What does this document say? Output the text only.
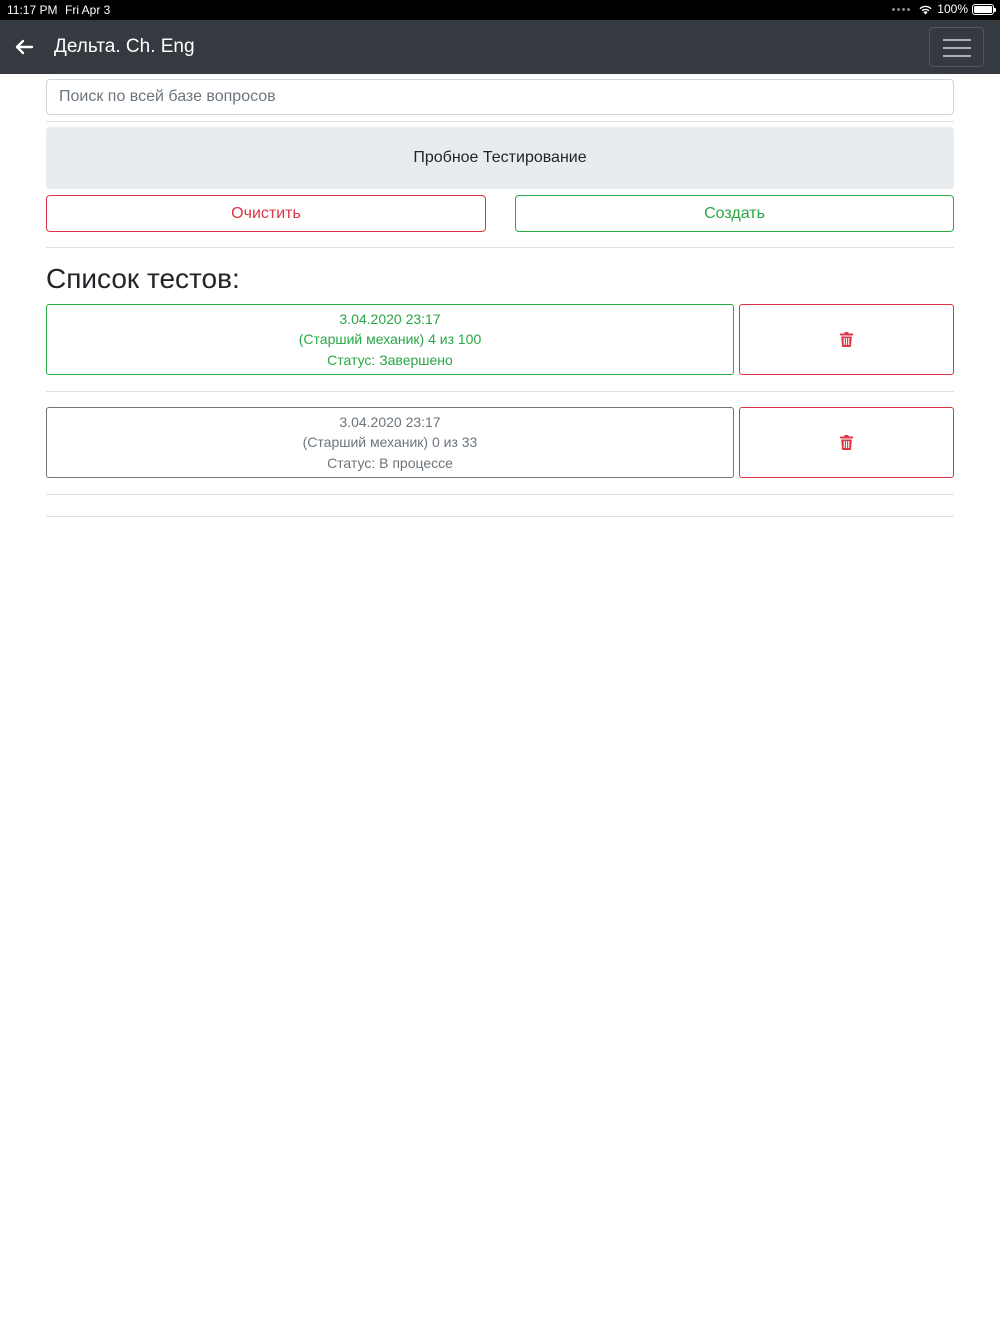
11:17 PM Fri Apr 3	100%
Дельта. Ch. Eng
Поиск по всей базе вопросов
Пробное Тестирование
Очистить	Создать
Список тестов:
3.04.2020 23:17
(Старший механик) 4 из 100
Статус: Завершено
3.04.2020 23:17
(Старший механик) 0 из 33
Статус: В процессе
